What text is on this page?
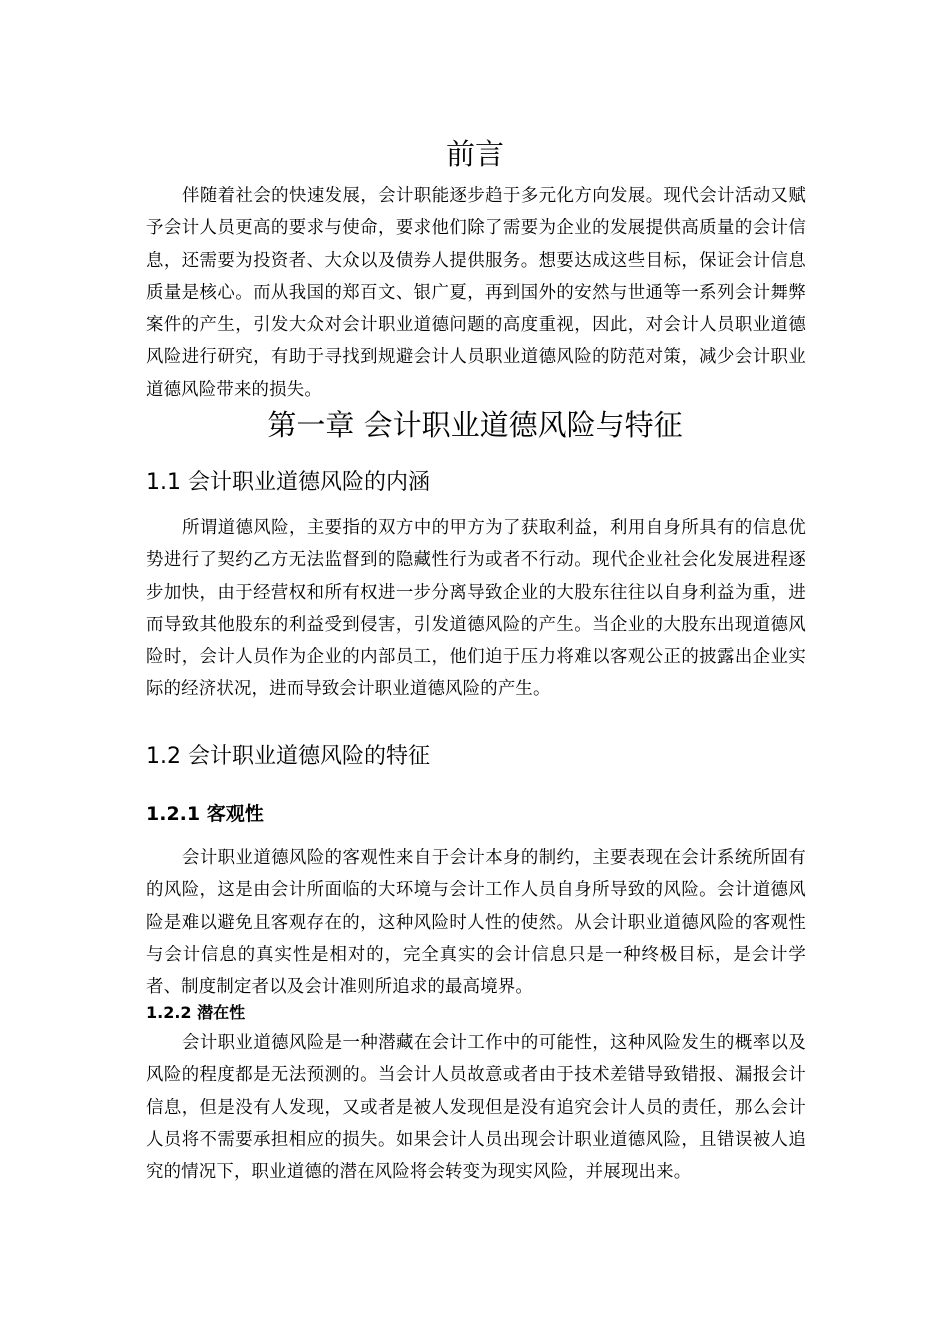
前言

伴随着社会的快速发展，会计职能逐步趋于多元化方向发展。现代会计活动又赋予会计人员更高的要求与使命，要求他们除了需要为企业的发展提供高质量的会计信息，还需要为投资者、大众以及债券人提供服务。想要达成这些目标，保证会计信息质量是核心。而从我国的郑百文、银广夏，再到国外的安然与世通等一系列会计舞弊案件的产生，引发大众对会计职业道德问题的高度重视，因此，对会计人员职业道德风险进行研究，有助于寻找到规避会计人员职业道德风险的防范对策，减少会计职业道德风险带来的损失。

第一章 会计职业道德风险与特征
1.1 会计职业道德风险的内涵

所谓道德风险，主要指的双方中的甲方为了获取利益，利用自身所具有的信息优势进行了契约乙方无法监督到的隐藏性行为或者不行动。现代企业社会化发展进程逐步加快，由于经营权和所有权进一步分离导致企业的大股东往往以自身利益为重，进而导致其他股东的利益受到侵害，引发道德风险的产生。当企业的大股东出现道德风险时，会计人员作为企业的内部员工，他们迫于压力将难以客观公正的披露出企业实际的经济状况，进而导致会计职业道德风险的产生。

1.2 会计职业道德风险的特征
1.2.1 客观性

会计职业道德风险的客观性来自于会计本身的制约，主要表现在会计系统所固有的风险，这是由会计所面临的大环境与会计工作人员自身所导致的风险。会计道德风险是难以避免且客观存在的，这种风险时人性的使然。从会计职业道德风险的客观性与会计信息的真实性是相对的，完全真实的会计信息只是一种终极目标，是会计学者、制度制定者以及会计准则所追求的最高境界。

1.2.2 潜在性

会计职业道德风险是一种潜藏在会计工作中的可能性，这种风险发生的概率以及风险的程度都是无法预测的。当会计人员故意或者由于技术差错导致错报、漏报会计信息，但是没有人发现，又或者是被人发现但是没有追究会计人员的责任，那么会计人员将不需要承担相应的损失。如果会计人员出现会计职业道德风险，且错误被人追究的情况下，职业道德的潜在风险将会转变为现实风险，并展现出来。
